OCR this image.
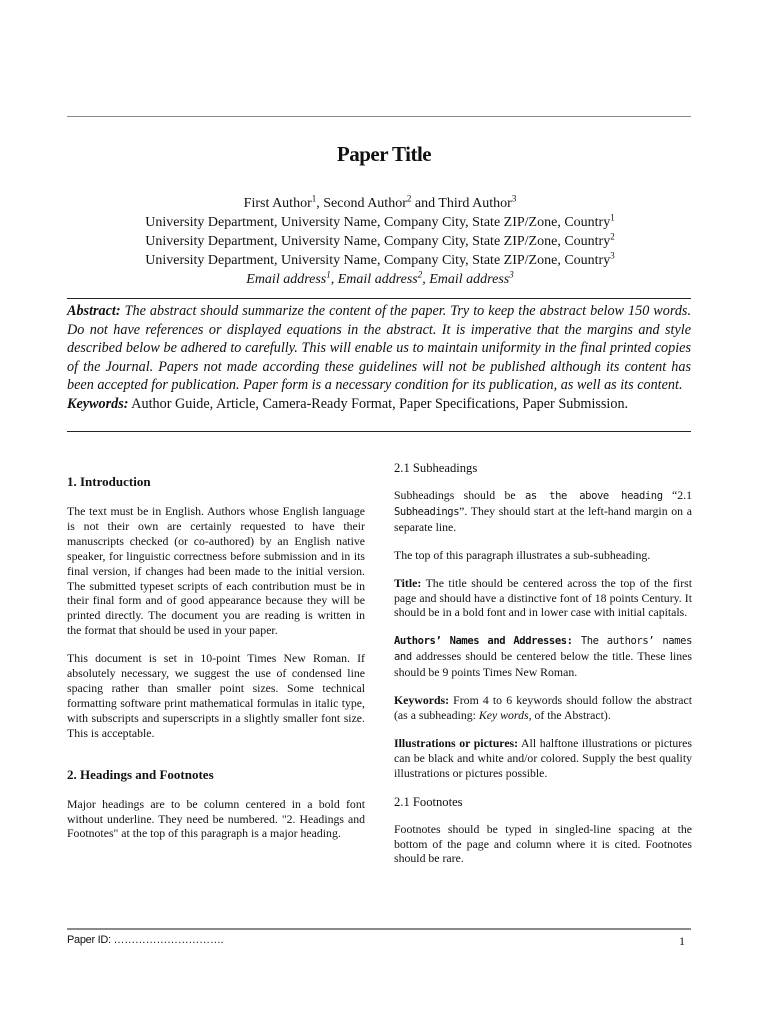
Paper Title
First Author$^1$, Second Author$^2$ and Third Author$^3$
University Department, University Name, Company City, State ZIP/Zone, Country$^1$
University Department, University Name, Company City, State ZIP/Zone, Country$^2$
University Department, University Name, Company City, State ZIP/Zone, Country$^3$
Email address$^1$, Email address$^2$, Email address$^3$
Abstract: The abstract should summarize the content of the paper. Try to keep the abstract below 150 words. Do not have references or displayed equations in the abstract. It is imperative that the margins and style described below be adhered to carefully. This will enable us to maintain uniformity in the final printed copies of the Journal. Papers not made according these guidelines will not be published although its content has been accepted for publication. Paper form is a necessary condition for its publication, as well as its content.
Keywords: Author Guide, Article, Camera-Ready Format, Paper Specifications, Paper Submission.
1. Introduction

The text must be in English. Authors whose English language is not their own are certainly requested to have their manuscripts checked (or co-authored) by an English native speaker, for linguistic correctness before submission and in its final version, if changes had been made to the initial version. The submitted typeset scripts of each contribution must be in their final form and of good appearance because they will be printed directly. The document you are reading is written in the format that should be used in your paper.

This document is set in 10-point Times New Roman. If absolutely necessary, we suggest the use of condensed line spacing rather than smaller point sizes. Some technical formatting software print mathematical formulas in italic type, with subscripts and superscripts in a slightly smaller font size. This is acceptable.

2. Headings and Footnotes

Major headings are to be column centered in a bold font without underline. They need be numbered. "2. Headings and Footnotes" at the top of this paragraph is a major heading.

2.1 Subheadings

Subheadings should be as the above heading “2.1 Subheadings”. They should start at the left-hand margin on a separate line.

The top of this paragraph illustrates a sub-subheading.

Title: The title should be centered across the top of the first page and should have a distinctive font of 18 points Century. It should be in a bold font and in lower case with initial capitals.

Authors’ Names and Addresses: The authors’ names and addresses should be centered below the title. These lines should be 9 points Times New Roman.

Keywords: From 4 to 6 keywords should follow the abstract (as a subheading: Key words, of the Abstract).

Illustrations or pictures: All halftone illustrations or pictures can be black and white and/or colored. Supply the best quality illustrations or pictures possible.

2.1 Footnotes

Footnotes should be typed in singled-line spacing at the bottom of the page and column where it is cited. Footnotes should be rare.

Paper ID: ………………………….	1
